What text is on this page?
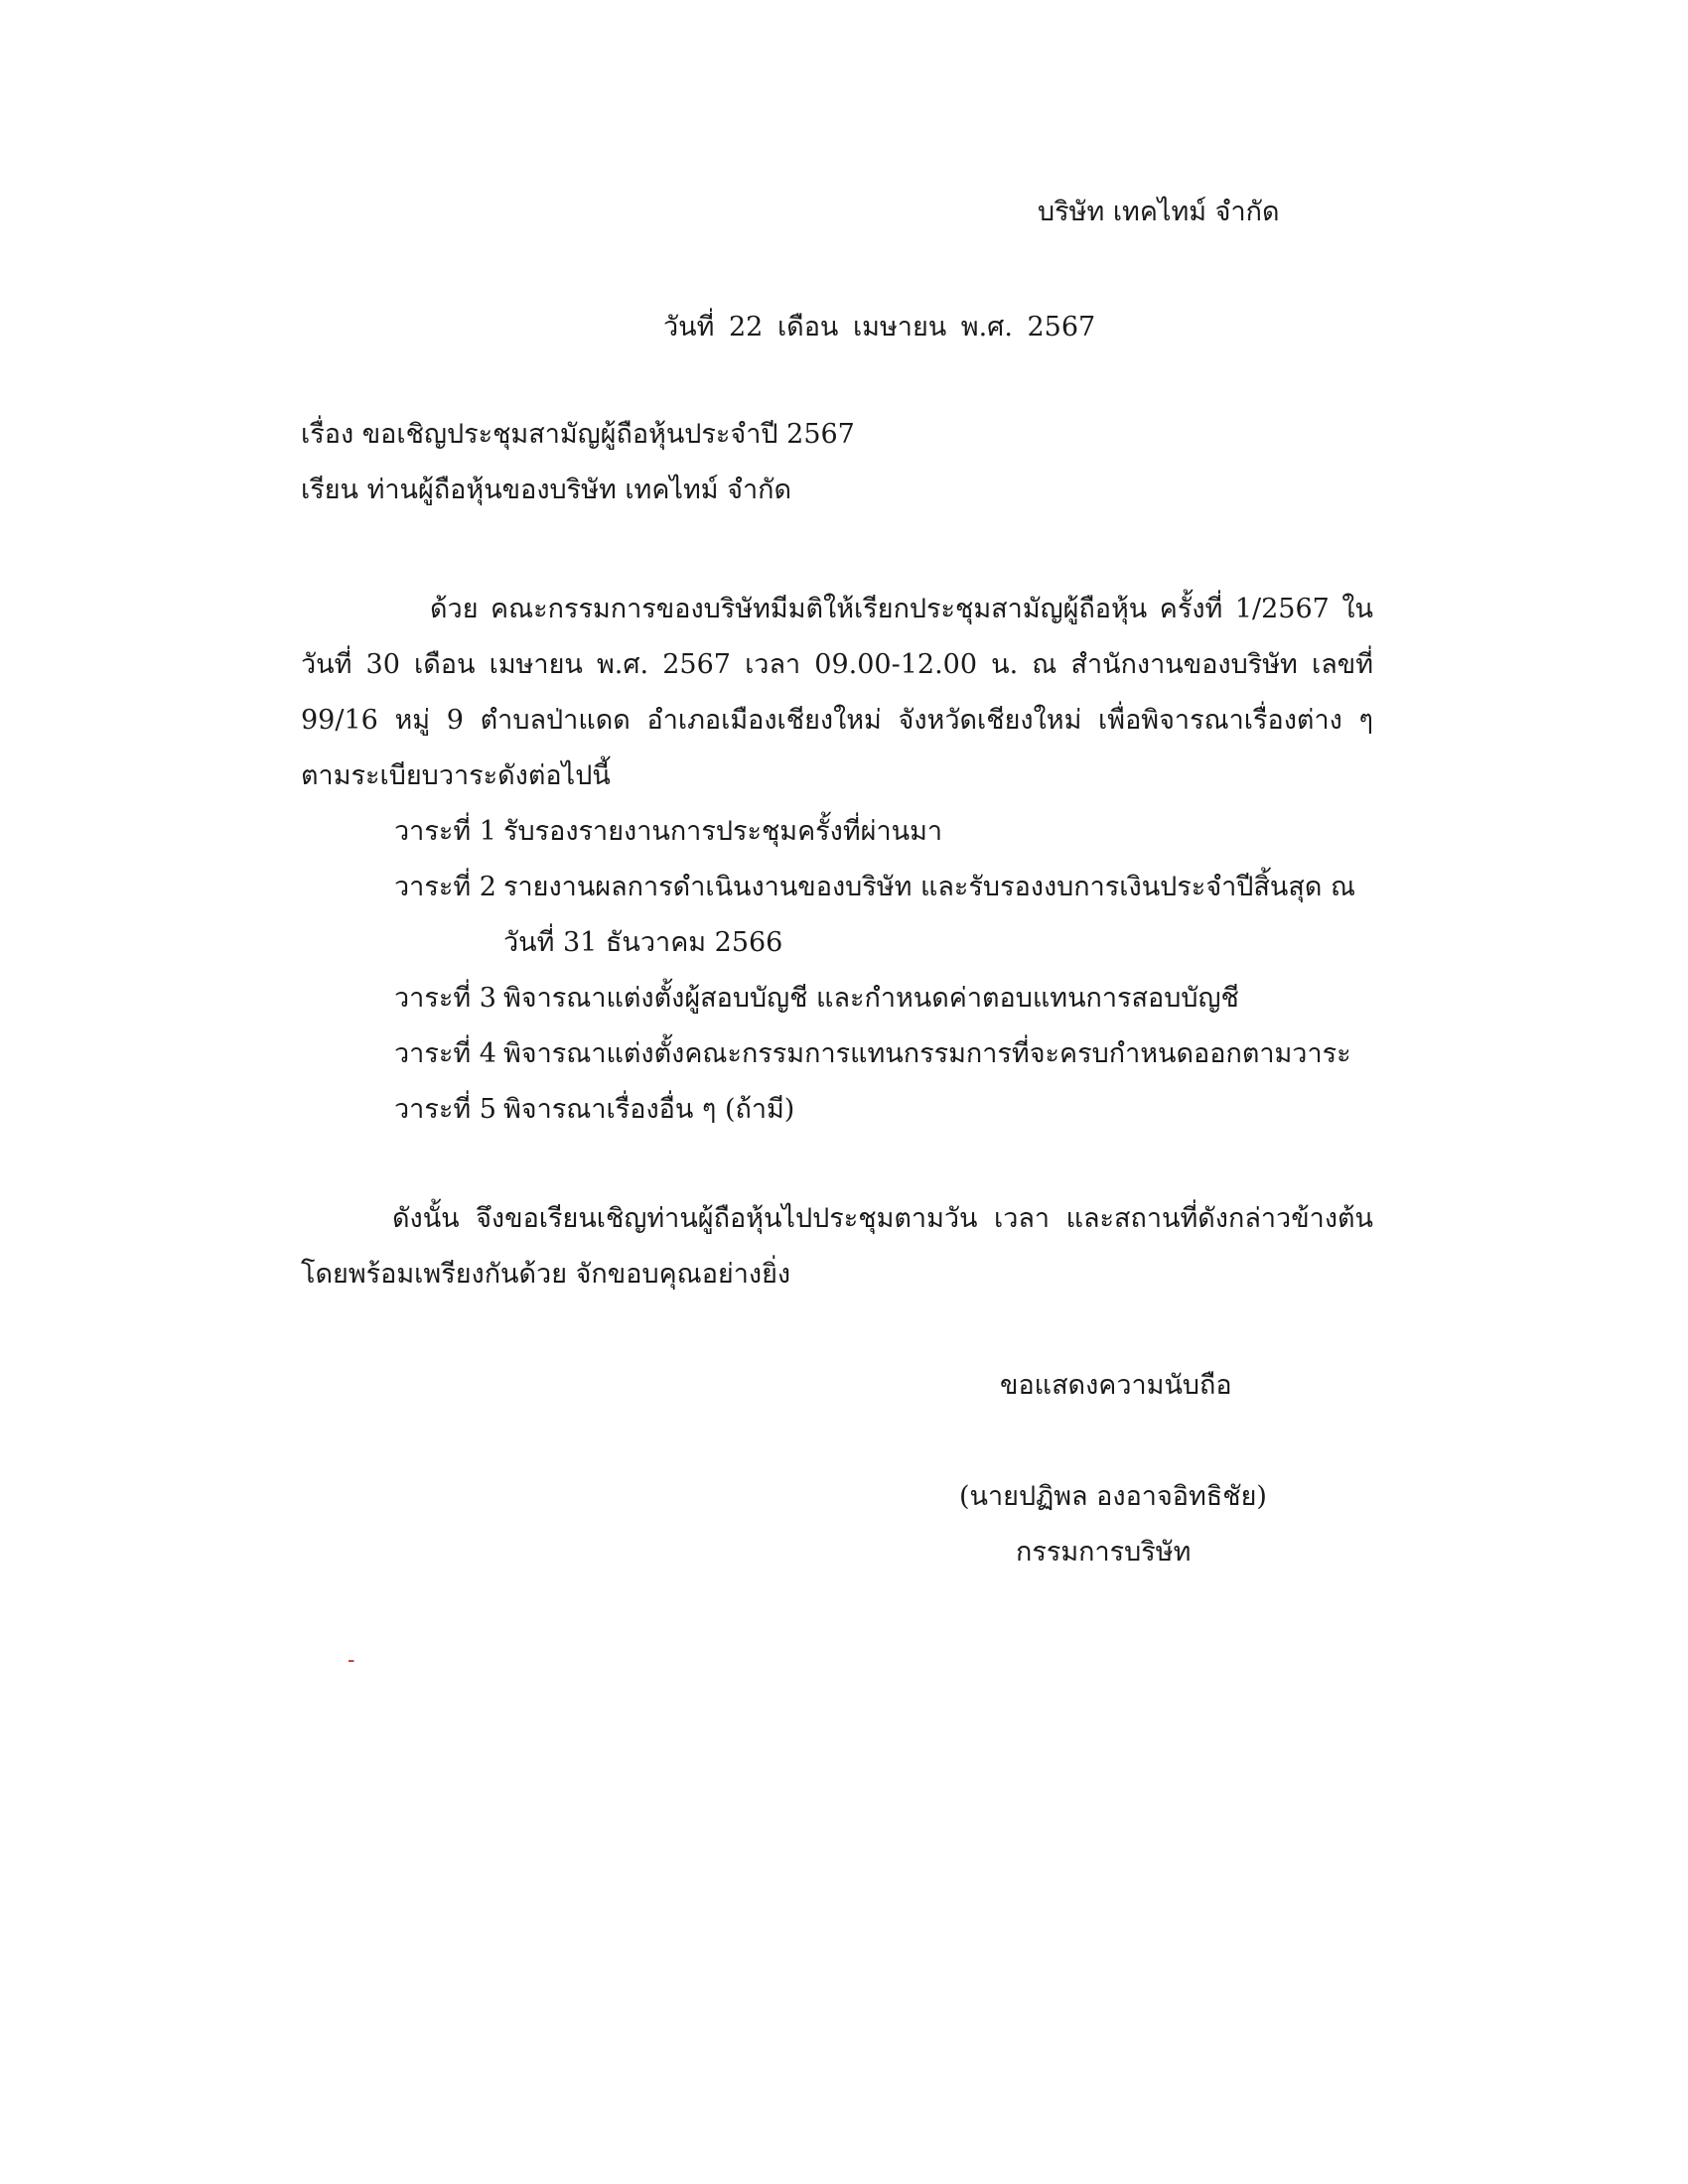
บริษัท เทคไทม์ จำกัด
วันที่ 22 เดือน เมษายน พ.ศ. 2567
เรื่อง ขอเชิญประชุมสามัญผู้ถือหุ้นประจำปี 2567
เรียน ท่านผู้ถือหุ้นของบริษัท เทคไทม์ จำกัด
ด้วย คณะกรรมการของบริษัทมีมติให้เรียกประชุมสามัญผู้ถือหุ้น ครั้งที่ 1/2567 ในวันที่ 30 เดือน เมษายน พ.ศ. 2567 เวลา 09.00-12.00 น. ณ สำนักงานของบริษัท เลขที่ 99/16 หมู่ 9 ตำบลป่าแดด อำเภอเมืองเชียงใหม่ จังหวัดเชียงใหม่ เพื่อพิจารณาเรื่องต่าง ๆ ตามระเบียบวาระดังต่อไปนี้
วาระที่ 1 รับรองรายงานการประชุมครั้งที่ผ่านมา
วาระที่ 2 รายงานผลการดำเนินงานของบริษัท และรับรองงบการเงินประจำปีสิ้นสุด ณ วันที่ 31 ธันวาคม 2566
วาระที่ 3 พิจารณาแต่งตั้งผู้สอบบัญชี และกำหนดค่าตอบแทนการสอบบัญชี
วาระที่ 4 พิจารณาแต่งตั้งคณะกรรมการแทนกรรมการที่จะครบกำหนดออกตามวาระ
วาระที่ 5 พิจารณาเรื่องอื่น ๆ (ถ้ามี)
ดังนั้น จึงขอเรียนเชิญท่านผู้ถือหุ้นไปประชุมตามวัน เวลา และสถานที่ดังกล่าวข้างต้นโดยพร้อมเพรียงกันด้วย จักขอบคุณอย่างยิ่ง
ขอแสดงความนับถือ
(นายปฏิพล องอาจอิทธิชัย)
กรรมการบริษัท
-
